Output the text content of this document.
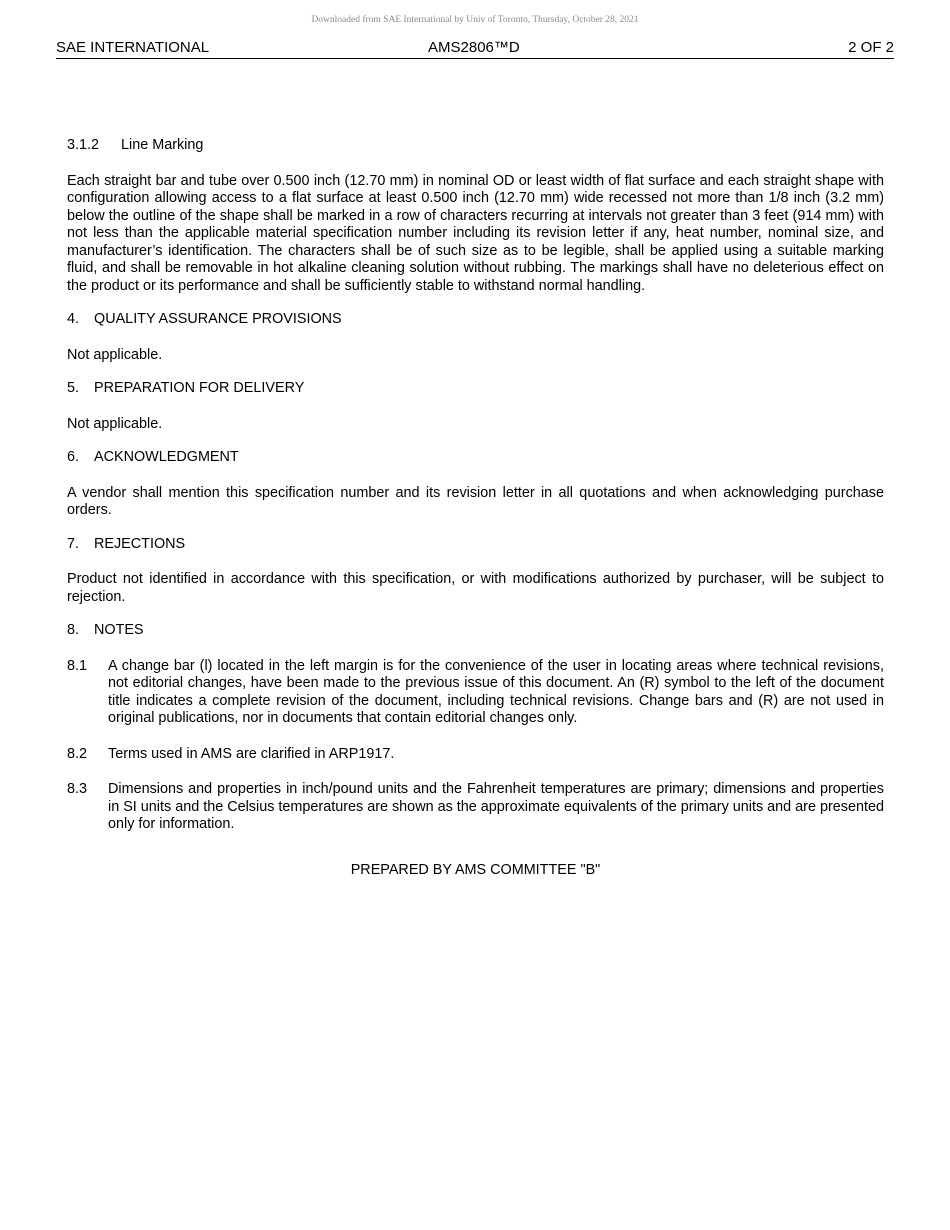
Downloaded from SAE International by Univ of Toronto, Thursday, October 28, 2021
SAE INTERNATIONAL	AMS2806™D	2 OF 2
3.1.2 Line Marking

Each straight bar and tube over 0.500 inch (12.70 mm) in nominal OD or least width of flat surface and each straight shape with configuration allowing access to a flat surface at least 0.500 inch (12.70 mm) wide recessed not more than 1/8 inch (3.2 mm) below the outline of the shape shall be marked in a row of characters recurring at intervals not greater than 3 feet (914 mm) with not less than the applicable material specification number including its revision letter if any, heat number, nominal size, and manufacturer’s identification. The characters shall be of such size as to be legible, shall be applied using a suitable marking fluid, and shall be removable in hot alkaline cleaning solution without rubbing. The markings shall have no deleterious effect on the product or its performance and shall be sufficiently stable to withstand normal handling.

4. QUALITY ASSURANCE PROVISIONS

Not applicable.

5. PREPARATION FOR DELIVERY

Not applicable.

6. ACKNOWLEDGMENT

A vendor shall mention this specification number and its revision letter in all quotations and when acknowledging purchase orders.

7. REJECTIONS

Product not identified in accordance with this specification, or with modifications authorized by purchaser, will be subject to rejection.

8. NOTES
8.1 A change bar (l) located in the left margin is for the convenience of the user in locating areas where technical revisions, not editorial changes, have been made to the previous issue of this document. An (R) symbol to the left of the document title indicates a complete revision of the document, including technical revisions. Change bars and (R) are not used in original publications, nor in documents that contain editorial changes only.
8.2 Terms used in AMS are clarified in ARP1917.
8.3 Dimensions and properties in inch/pound units and the Fahrenheit temperatures are primary; dimensions and properties in SI units and the Celsius temperatures are shown as the approximate equivalents of the primary units and are presented only for information.
PREPARED BY AMS COMMITTEE "B"
